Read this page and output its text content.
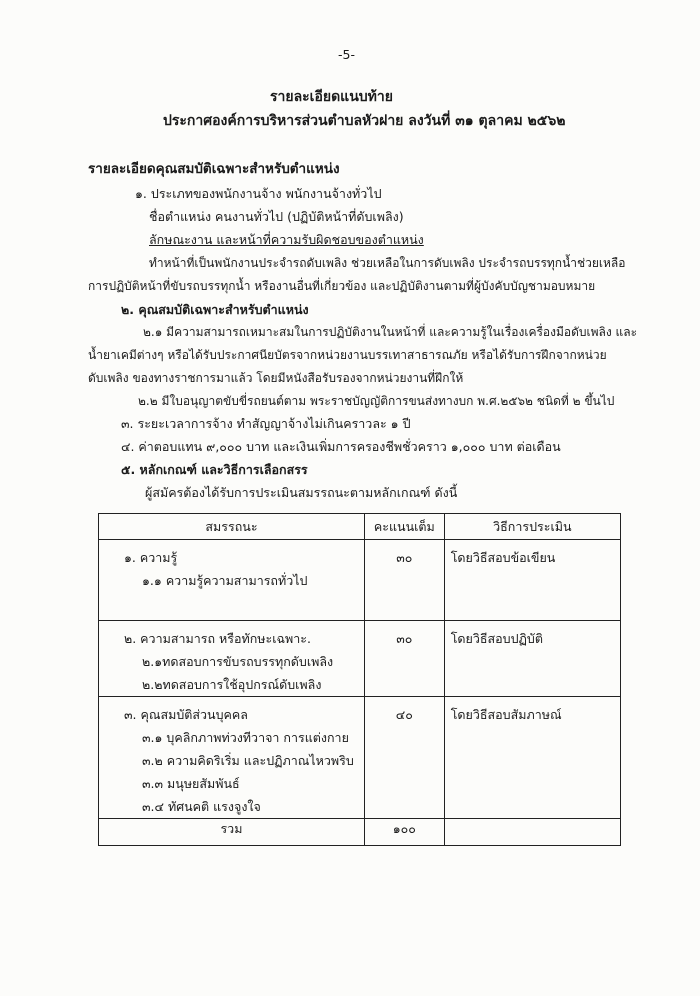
-5-
รายละเอียดแนบท้าย
ประกาศองค์การบริหารส่วนตำบลหัวฝาย ลงวันที่ ๓๑ ตุลาคม ๒๕๖๒
รายละเอียดคุณสมบัติเฉพาะสำหรับตำแหน่ง
๑. ประเภทของพนักงานจ้าง พนักงานจ้างทั่วไป
ชื่อตำแหน่ง คนงานทั่วไป (ปฏิบัติหน้าที่ดับเพลิง)
ลักษณะงาน และหน้าที่ความรับผิดชอบของตำแหน่ง
ทำหน้าที่เป็นพนักงานประจำรถดับเพลิง ช่วยเหลือในการดับเพลิง ประจำรถบรรทุกน้ำช่วยเหลือ
การปฏิบัติหน้าที่ขับรถบรรทุกน้ำ หรืองานอื่นที่เกี่ยวข้อง และปฏิบัติงานตามที่ผู้บังคับบัญชามอบหมาย
๒. คุณสมบัติเฉพาะสำหรับตำแหน่ง
๒.๑ มีความสามารถเหมาะสมในการปฏิบัติงานในหน้าที่ และความรู้ในเรื่องเครื่องมือดับเพลิง และ
น้ำยาเคมีต่างๆ หรือได้รับประกาศนียบัตรจากหน่วยงานบรรเทาสาธารณภัย หรือได้รับการฝึกจากหน่วย
ดับเพลิง ของทางราชการมาแล้ว โดยมีหนังสือรับรองจากหน่วยงานที่ฝึกให้
๒.๒ มีใบอนุญาตขับขี่รถยนต์ตาม พระราชบัญญัติการขนส่งทางบก พ.ศ.๒๕๖๒ ชนิดที่ ๒ ขึ้นไป
๓. ระยะเวลาการจ้าง ทำสัญญาจ้างไม่เกินคราวละ ๑ ปี
๔. ค่าตอบแทน ๙,๐๐๐ บาท และเงินเพิ่มการครองชีพชั่วคราว ๑,๐๐๐ บาท ต่อเดือน
๕. หลักเกณฑ์ และวิธีการเลือกสรร
ผู้สมัครต้องได้รับการประเมินสมรรถนะตามหลักเกณฑ์ ดังนี้
สมรรถนะ	คะแนนเต็ม	วิธีการประเมิน

๑. ความรู้
๑.๑ ความรู้ความสามารถทั่วไป	๓๐	โดยวิธีสอบข้อเขียน

๒. ความสามารถ หรือทักษะเฉพาะ.
๒.๑ทดสอบการขับรถบรรทุกดับเพลิง
๒.๒ทดสอบการใช้อุปกรณ์ดับเพลิง	๓๐	โดยวิธีสอบปฏิบัติ

๓. คุณสมบัติส่วนบุคคล
๓.๑ บุคลิกภาพท่วงทีวาจา การแต่งกาย
๓.๒ ความคิดริเริ่ม และปฏิภาณไหวพริบ
๓.๓ มนุษยสัมพันธ์
๓.๔ ทัศนคติ แรงจูงใจ	๔๐	โดยวิธีสอบสัมภาษณ์

รวม	๑๐๐	
